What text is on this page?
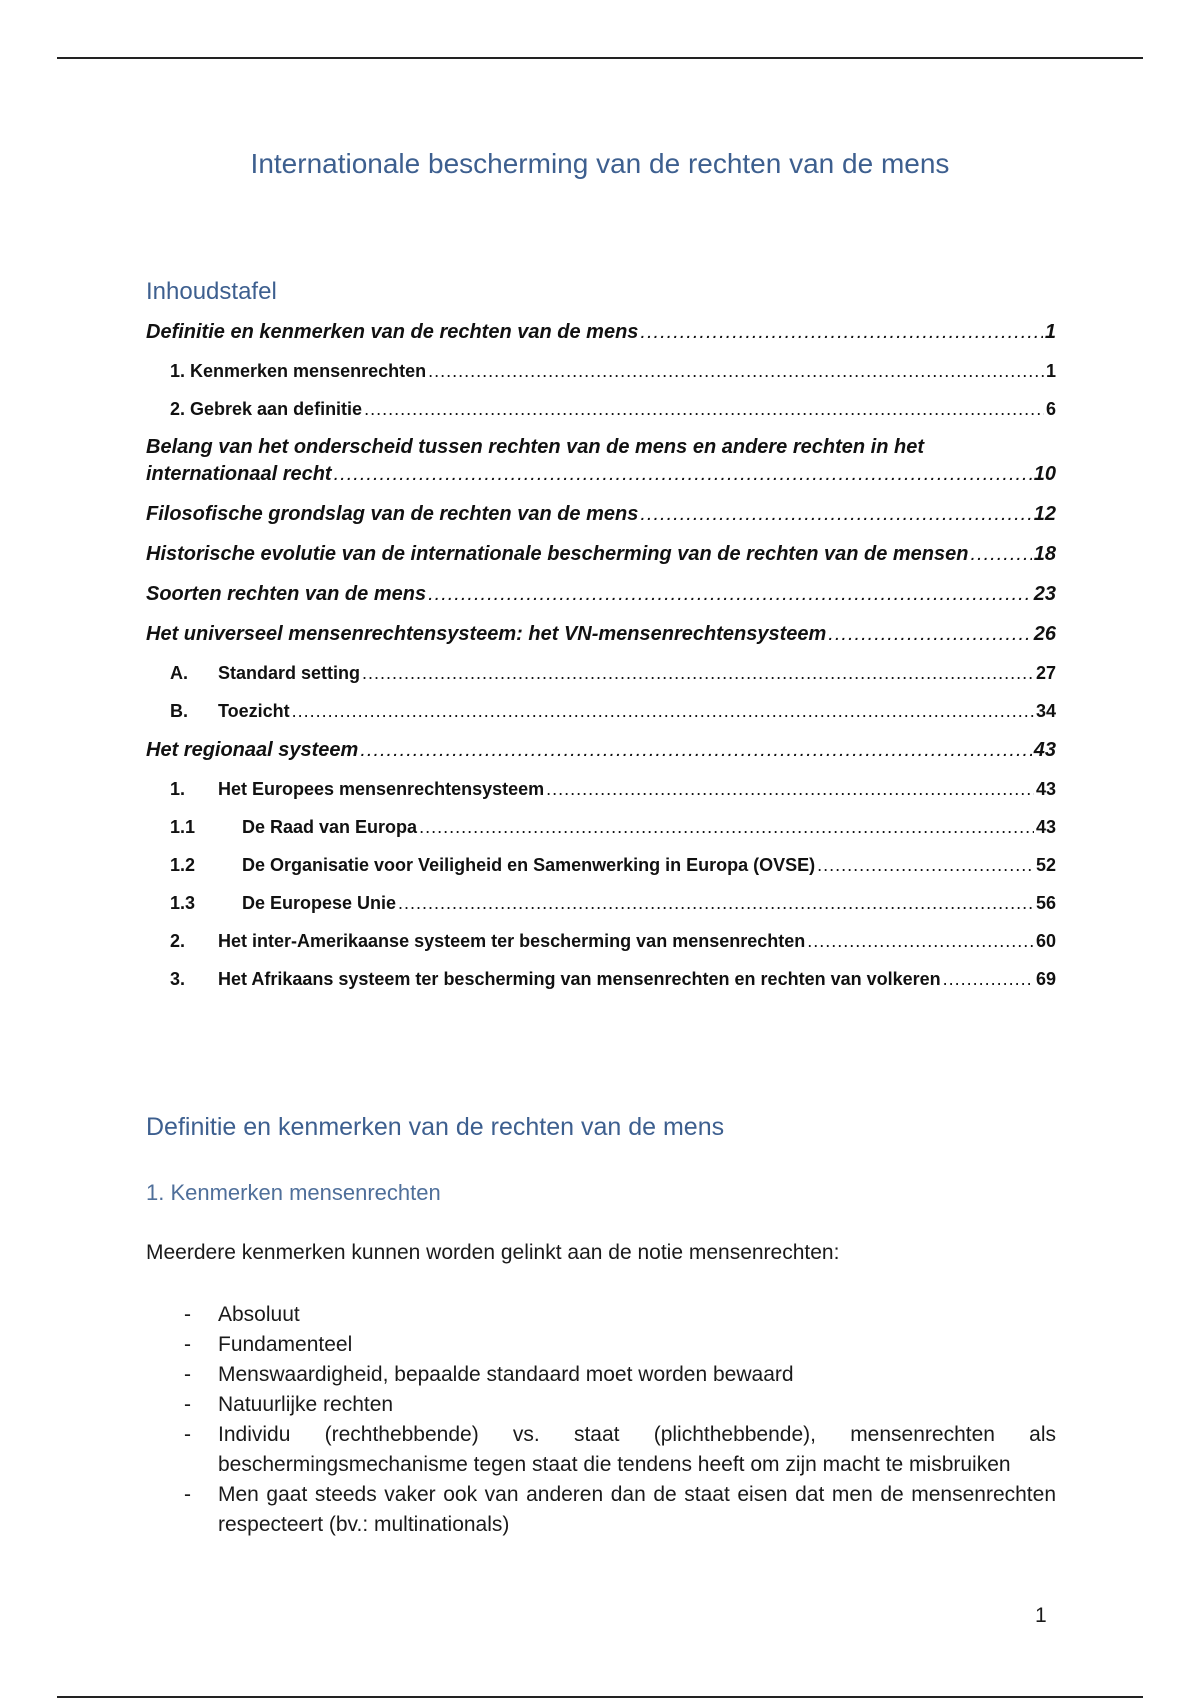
Internationale bescherming van de rechten van de mens
Inhoudstafel
Definitie en kenmerken van de rechten van de mens .....	1
1. Kenmerken mensenrechten .....	1
2. Gebrek aan definitie .....	6
Belang van het onderscheid tussen rechten van de mens en andere rechten in het
internationaal recht .....	10
Filosofische grondslag van de rechten van de mens .....	12
Historische evolutie van de internationale bescherming van de rechten van de mensen .....	18
Soorten rechten van de mens .....	23
Het universeel mensenrechtensysteem: het VN-mensenrechtensysteem .....	26
A.	Standard setting .....	27
B.	Toezicht .....	34
Het regionaal systeem .....	43
1.	Het Europees mensenrechtensysteem .....	43
1.1	De Raad van Europa .....	43
1.2	De Organisatie voor Veiligheid en Samenwerking in Europa (OVSE) .....	52
1.3	De Europese Unie .....	56
2.	Het inter-Amerikaanse systeem ter bescherming van mensenrechten .....	60
3.	Het Afrikaans systeem ter bescherming van mensenrechten en rechten van volkeren .....	69
Definitie en kenmerken van de rechten van de mens
1. Kenmerken mensenrechten
Meerdere kenmerken kunnen worden gelinkt aan de notie mensenrechten:
- Absoluut
- Fundamenteel
- Menswaardigheid, bepaalde standaard moet worden bewaard
- Natuurlijke rechten
- Individu (rechthebbende) vs. staat (plichthebbende), mensenrechten als beschermingsmechanisme tegen staat die tendens heeft om zijn macht te misbruiken
- Men gaat steeds vaker ook van anderen dan de staat eisen dat men de mensenrechten respecteert (bv.: multinationals)
1
